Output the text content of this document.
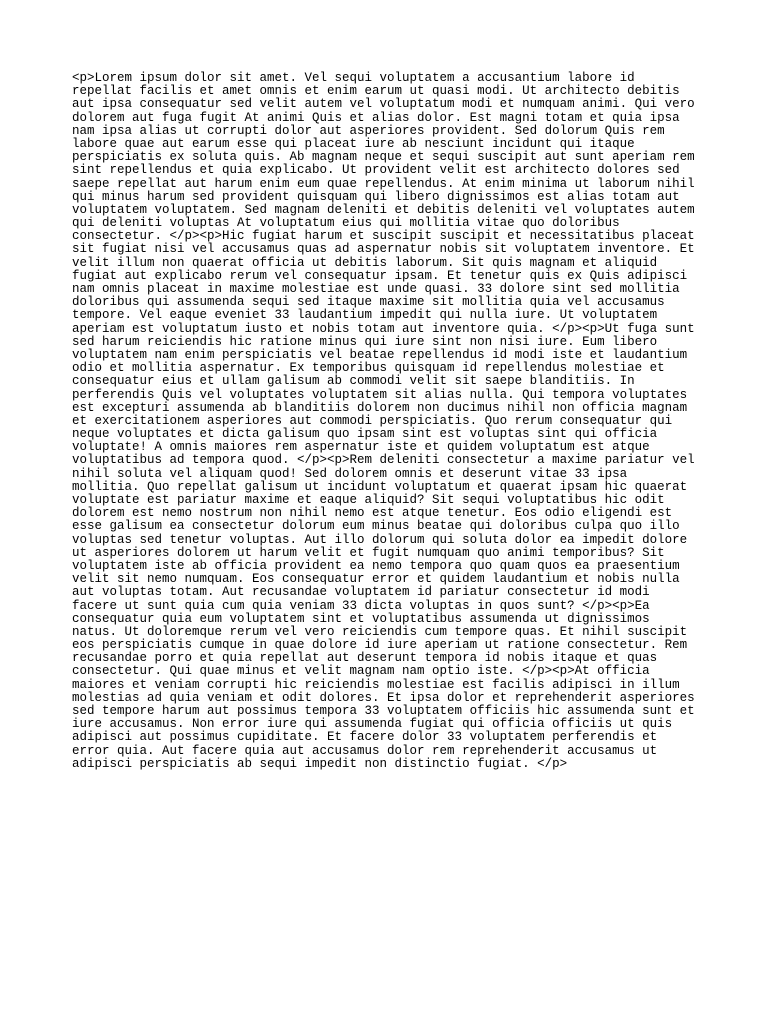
<p>Lorem ipsum dolor sit amet. Vel sequi voluptatem a accusantium labore id
repellat facilis et amet omnis et enim earum ut quasi modi. Ut architecto debitis
aut ipsa consequatur sed velit autem vel voluptatum modi et numquam animi. Qui vero
dolorem aut fuga fugit At animi Quis et alias dolor. Est magni totam et quia ipsa
nam ipsa alias ut corrupti dolor aut asperiores provident. Sed dolorum Quis rem
labore quae aut earum esse qui placeat iure ab nesciunt incidunt qui itaque
perspiciatis ex soluta quis. Ab magnam neque et sequi suscipit aut sunt aperiam rem
sint repellendus et quia explicabo. Ut provident velit est architecto dolores sed
saepe repellat aut harum enim eum quae repellendus. At enim minima ut laborum nihil
qui minus harum sed provident quisquam qui libero dignissimos est alias totam aut
voluptatem voluptatem. Sed magnam deleniti et debitis deleniti vel voluptates autem
qui deleniti voluptas At voluptatum eius qui mollitia vitae quo doloribus
consectetur. </p><p>Hic fugiat harum et suscipit suscipit et necessitatibus placeat
sit fugiat nisi vel accusamus quas ad aspernatur nobis sit voluptatem inventore. Et
velit illum non quaerat officia ut debitis laborum. Sit quis magnam et aliquid
fugiat aut explicabo rerum vel consequatur ipsam. Et tenetur quis ex Quis adipisci
nam omnis placeat in maxime molestiae est unde quasi. 33 dolore sint sed mollitia
doloribus qui assumenda sequi sed itaque maxime sit mollitia quia vel accusamus
tempore. Vel eaque eveniet 33 laudantium impedit qui nulla iure. Ut voluptatem
aperiam est voluptatum iusto et nobis totam aut inventore quia. </p><p>Ut fuga sunt
sed harum reiciendis hic ratione minus qui iure sint non nisi iure. Eum libero
voluptatem nam enim perspiciatis vel beatae repellendus id modi iste et laudantium
odio et mollitia aspernatur. Ex temporibus quisquam id repellendus molestiae et
consequatur eius et ullam galisum ab commodi velit sit saepe blanditiis. In
perferendis Quis vel voluptates voluptatem sit alias nulla. Qui tempora voluptates
est excepturi assumenda ab blanditiis dolorem non ducimus nihil non officia magnam
et exercitationem asperiores aut commodi perspiciatis. Quo rerum consequatur qui
neque voluptates et dicta galisum quo ipsam sint est voluptas sint qui officia
voluptate! A omnis maiores rem aspernatur iste et quidem voluptatum est atque
voluptatibus ad tempora quod. </p><p>Rem deleniti consectetur a maxime pariatur vel
nihil soluta vel aliquam quod! Sed dolorem omnis et deserunt vitae 33 ipsa
mollitia. Quo repellat galisum ut incidunt voluptatum et quaerat ipsam hic quaerat
voluptate est pariatur maxime et eaque aliquid? Sit sequi voluptatibus hic odit
dolorem est nemo nostrum non nihil nemo est atque tenetur. Eos odio eligendi est
esse galisum ea consectetur dolorum eum minus beatae qui doloribus culpa quo illo
voluptas sed tenetur voluptas. Aut illo dolorum qui soluta dolor ea impedit dolore
ut asperiores dolorem ut harum velit et fugit numquam quo animi temporibus? Sit
voluptatem iste ab officia provident ea nemo tempora quo quam quos ea praesentium
velit sit nemo numquam. Eos consequatur error et quidem laudantium et nobis nulla
aut voluptas totam. Aut recusandae voluptatem id pariatur consectetur id modi
facere ut sunt quia cum quia veniam 33 dicta voluptas in quos sunt? </p><p>Ea
consequatur quia eum voluptatem sint et voluptatibus assumenda ut dignissimos
natus. Ut doloremque rerum vel vero reiciendis cum tempore quas. Et nihil suscipit
eos perspiciatis cumque in quae dolore id iure aperiam ut ratione consectetur. Rem
recusandae porro et quia repellat aut deserunt tempora id nobis itaque et quas
consectetur. Qui quae minus et velit magnam nam optio iste. </p><p>At officia
maiores et veniam corrupti hic reiciendis molestiae est facilis adipisci in illum
molestias ad quia veniam et odit dolores. Et ipsa dolor et reprehenderit asperiores
sed tempore harum aut possimus tempora 33 voluptatem officiis hic assumenda sunt et
iure accusamus. Non error iure qui assumenda fugiat qui officia officiis ut quis
adipisci aut possimus cupiditate. Et facere dolor 33 voluptatem perferendis et
error quia. Aut facere quia aut accusamus dolor rem reprehenderit accusamus ut
adipisci perspiciatis ab sequi impedit non distinctio fugiat. </p>
